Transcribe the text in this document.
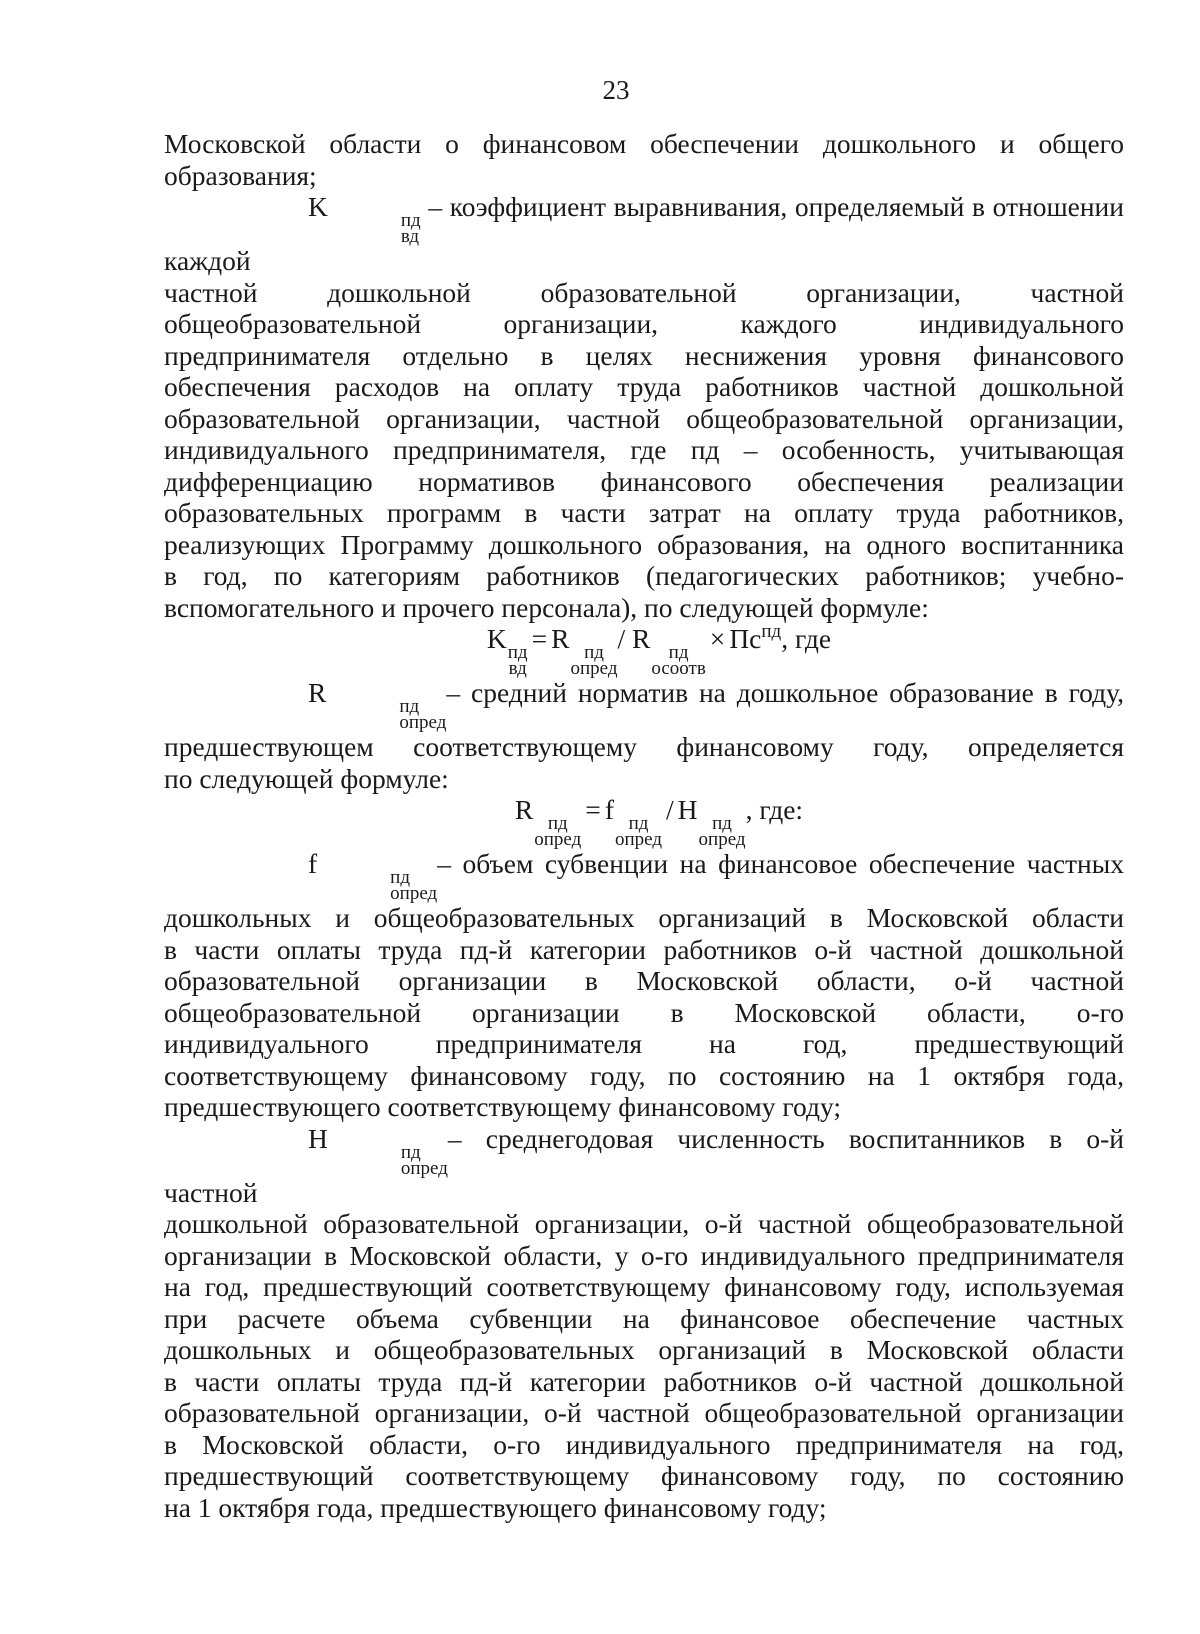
23

Московской области о финансовом обеспечении дошкольного и общего

образования;

K	пд
вд
– коэффициент выравнивания, определяемый в отношении каждой

частной дошкольной образовательной организации, частной

общеобразовательной организации, каждого индивидуального

предпринимателя отдельно в целях неснижения уровня финансового

обеспечения расходов на оплату труда работников частной дошкольной

образовательной организации, частной общеобразовательной организации,

индивидуального предпринимателя, где пд – особенность, учитывающая

дифференциацию нормативов финансового обеспечения реализации

образовательных программ в части затрат на оплату труда работников,

реализующих Программу дошкольного образования, на одного воспитанника

в год, по категориям работников (педагогических работников; учебно-

вспомогательного и прочего персонала), по следующей формуле:

K пд
вд
= R пд
опред
/ R пд
осоотв
× $Пс^{пд}$, где

R	пд
опред
– средний норматив на дошкольное образование в году,

предшествующем соответствующему финансовому году, определяется

по следующей формуле:

R пд
опред
= f пд
опред
/ Н пд
опред
, где:

f	пд
опред
– объем субвенции на финансовое обеспечение частных

дошкольных и общеобразовательных организаций в Московской области

в части оплаты труда пд-й категории работников о-й частной дошкольной

образовательной организации в Московской области, о-й частной

общеобразовательной организации в Московской области, о-го

индивидуального предпринимателя на год, предшествующий

соответствующему финансовому году, по состоянию на 1 октября года,

предшествующего соответствующему финансовому году;

Н	пд
опред
– среднегодовая численность воспитанников в о-й частной

дошкольной образовательной организации, о-й частной общеобразовательной

организации в Московской области, у о-го индивидуального предпринимателя

на год, предшествующий соответствующему финансовому году, используемая

при расчете объема субвенции на финансовое обеспечение частных

дошкольных и общеобразовательных организаций в Московской области

в части оплаты труда пд-й категории работников о-й частной дошкольной

образовательной организации, о-й частной общеобразовательной организации

в Московской области, о-го индивидуального предпринимателя на год,

предшествующий соответствующему финансовому году, по состоянию

на 1 октября года, предшествующего финансовому году;
